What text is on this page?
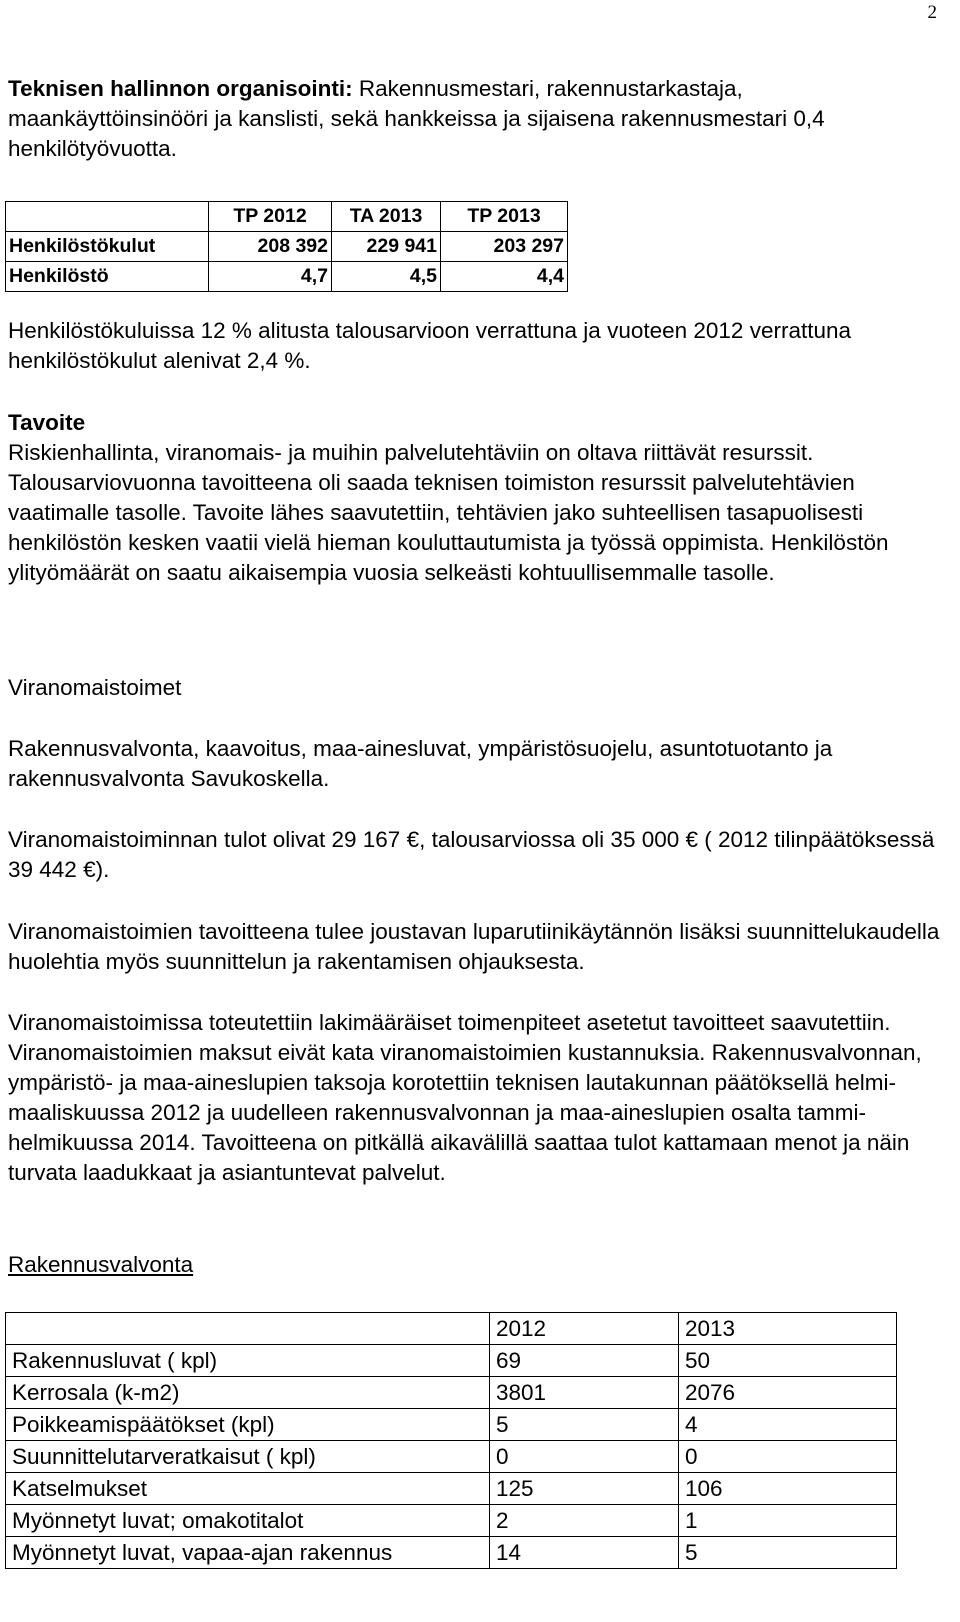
2

Teknisen hallinnon organisointi: Rakennusmestari, rakennustarkastaja, maankäyttöinsinööri ja kanslisti, sekä hankkeissa ja sijaisena rakennusmestari 0,4 henkilötyövuotta.

	TP 2012	TA 2013	TP 2013
Henkilöstökulut	208 392	229 941	203 297
Henkilöstö	4,7	4,5	4,4

Henkilöstökuluissa 12 % alitusta talousarvioon verrattuna ja vuoteen 2012 verrattuna henkilöstökulut alenivat 2,4 %.

Tavoite

Riskienhallinta, viranomais- ja muihin palvelutehtäviin on oltava riittävät resurssit. Talousarviovuonna tavoitteena oli saada teknisen toimiston resurssit palvelutehtävien vaatimalle tasolle. Tavoite lähes saavutettiin, tehtävien jako suhteellisen tasapuolisesti henkilöstön kesken vaatii vielä hieman kouluttautumista ja työssä oppimista. Henkilöstön ylityömäärät on saatu aikaisempia vuosia selkeästi kohtuullisemmalle tasolle.

Viranomaistoimet

Rakennusvalvonta, kaavoitus, maa-ainesluvat, ympäristösuojelu, asuntotuotanto ja rakennusvalvonta Savukoskella.

Viranomaistoiminnan tulot olivat 29 167 €, talousarviossa oli 35 000 € ( 2012 tilinpäätöksessä 39 442 €).

Viranomaistoimien tavoitteena tulee joustavan luparutiinikäytännön lisäksi suunnittelukaudella huolehtia myös suunnittelun ja rakentamisen ohjauksesta.

Viranomaistoimissa toteutettiin lakimääräiset toimenpiteet asetetut tavoitteet saavutettiin. Viranomaistoimien maksut eivät kata viranomaistoimien kustannuksia. Rakennusvalvonnan, ympäristö- ja maa-aineslupien taksoja korotettiin teknisen lautakunnan päätöksellä helmi- maaliskuussa 2012 ja uudelleen rakennusvalvonnan ja maa-aineslupien osalta tammi-helmikuussa 2014. Tavoitteena on pitkällä aikavälillä saattaa tulot kattamaan menot ja näin turvata laadukkaat ja asiantuntevat palvelut.

Rakennusvalvonta

	2012	2013
Rakennusluvat ( kpl)	69	50
Kerrosala (k-m2)	3801	2076
Poikkeamispäätökset (kpl)	5	4
Suunnittelutarveratkaisut ( kpl)	0	0
Katselmukset	125	106
Myönnetyt luvat; omakotitalot	2	1
Myönnetyt luvat, vapaa-ajan rakennus	14	5
